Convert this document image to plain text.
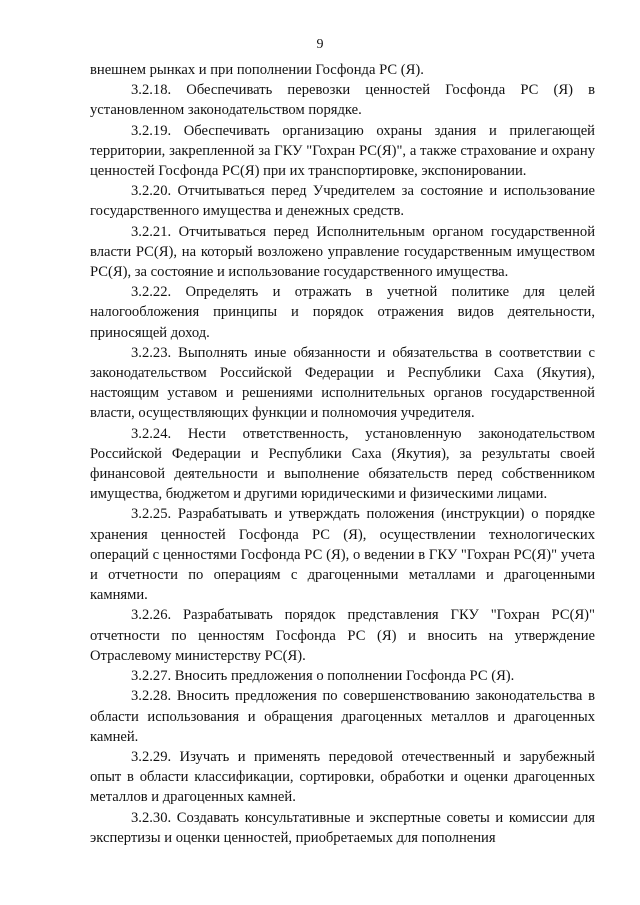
9

внешнем рынках и при пополнении Госфонда РС (Я).

3.2.18. Обеспечивать перевозки ценностей Госфонда РС (Я) в установленном законодательством порядке.

3.2.19. Обеспечивать организацию охраны здания и прилегающей территории, закрепленной за ГКУ "Гохран РС(Я)", а также страхование и охрану ценностей Госфонда РС(Я) при их транспортировке, экспонировании.

3.2.20. Отчитываться перед Учредителем за состояние и использование государственного имущества и денежных средств.

3.2.21. Отчитываться перед Исполнительным органом государственной власти РС(Я), на который возложено управление государственным имуществом РС(Я), за состояние и использование государственного имущества.

3.2.22. Определять и отражать в учетной политике для целей налогообложения принципы и порядок отражения видов деятельности, приносящей доход.

3.2.23. Выполнять иные обязанности и обязательства в соответствии с законодательством Российской Федерации и Республики Саха (Якутия), настоящим уставом и решениями исполнительных органов государственной власти, осуществляющих функции и полномочия учредителя.

3.2.24. Нести ответственность, установленную законодательством Российской Федерации и Республики Саха (Якутия), за результаты своей финансовой деятельности и выполнение обязательств перед собственником имущества, бюджетом и другими юридическими и физическими лицами.

3.2.25. Разрабатывать и утверждать положения (инструкции) о порядке хранения ценностей Госфонда РС (Я), осуществлении технологических операций с ценностями Госфонда РС (Я), о ведении в ГКУ "Гохран РС(Я)" учета и отчетности по операциям с драгоценными металлами и драгоценными камнями.

3.2.26. Разрабатывать порядок представления ГКУ "Гохран РС(Я)" отчетности по ценностям Госфонда РС (Я) и вносить на утверждение Отраслевому министерству РС(Я).

3.2.27. Вносить предложения о пополнении Госфонда РС (Я).

3.2.28. Вносить предложения по совершенствованию законодательства в области использования и обращения драгоценных металлов и драгоценных камней.

3.2.29. Изучать и применять передовой отечественный и зарубежный опыт в области классификации, сортировки, обработки и оценки драгоценных металлов и драгоценных камней.

3.2.30. Создавать консультативные и экспертные советы и комиссии для экспертизы и оценки ценностей, приобретаемых для пополнения
